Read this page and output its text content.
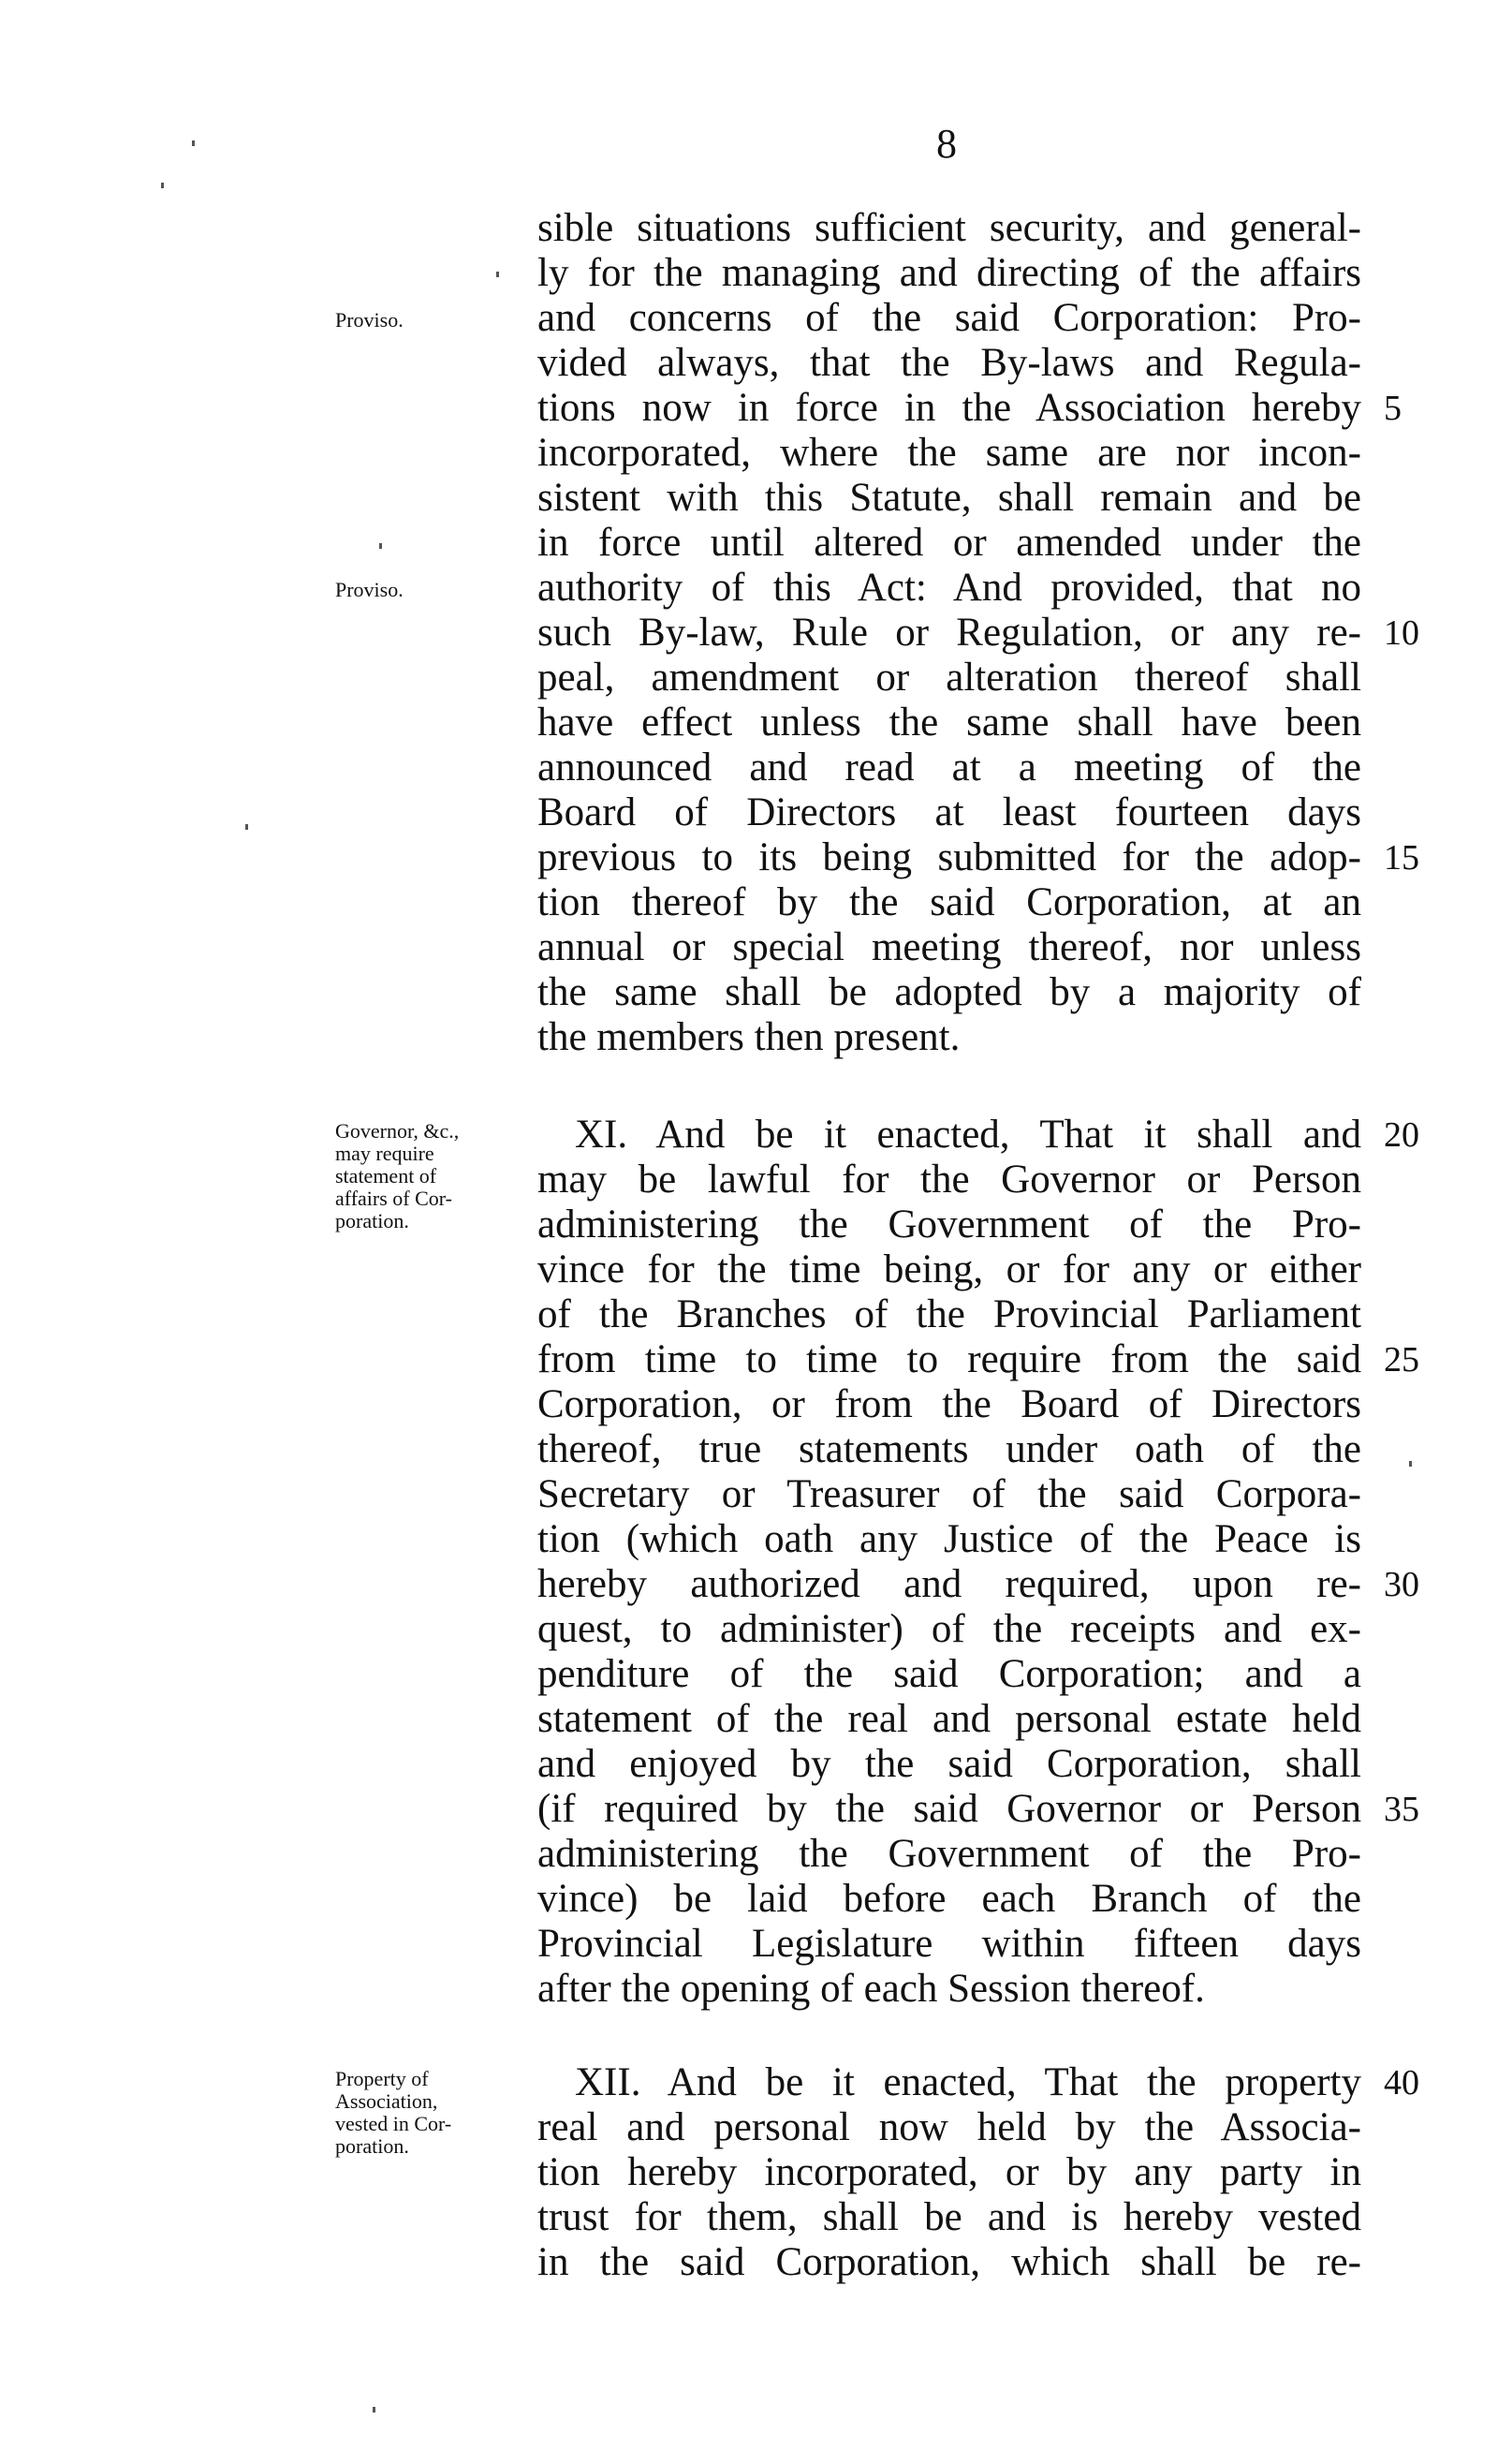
8
sible situations sufficient security, and general-
ly for the managing and directing of the affairs
and concerns of the said Corporation: Pro-
vided always, that the By-laws and Regula-
tions now in force in the Association hereby
incorporated, where the same are nor incon-
sistent with this Statute, shall remain and be
in force until altered or amended under the
authority of this Act: And provided, that no
such By-law, Rule or Regulation, or any re-
peal, amendment or alteration thereof shall
have effect unless the same shall have been
announced and read at a meeting of the
Board of Directors at least fourteen days
previous to its being submitted for the adop-
tion thereof by the said Corporation, at an
annual or special meeting thereof, nor unless
the same shall be adopted by a majority of
the members then present.
XI. And be it enacted, That it shall and
may be lawful for the Governor or Person
administering the Government of the Pro-
vince for the time being, or for any or either
of the Branches of the Provincial Parliament
from time to time to require from the said
Corporation, or from the Board of Directors
thereof, true statements under oath of the
Secretary or Treasurer of the said Corpora-
tion (which oath any Justice of the Peace is
hereby authorized and required, upon re-
quest, to administer) of the receipts and ex-
penditure of the said Corporation; and a
statement of the real and personal estate held
and enjoyed by the said Corporation, shall
(if required by the said Governor or Person
administering the Government of the Pro-
vince) be laid before each Branch of the
Provincial Legislature within fifteen days
after the opening of each Session thereof.
XII. And be it enacted, That the property
real and personal now held by the Associa-
tion hereby incorporated, or by any party in
trust for them, shall be and is hereby vested
in the said Corporation, which shall be re-
5
10
15
20
25
30
35
40
Proviso.
Proviso.
Governor, &c.,
may require
statement of
affairs of Cor-
poration.
Property of
Association,
vested in Cor-
poration.
